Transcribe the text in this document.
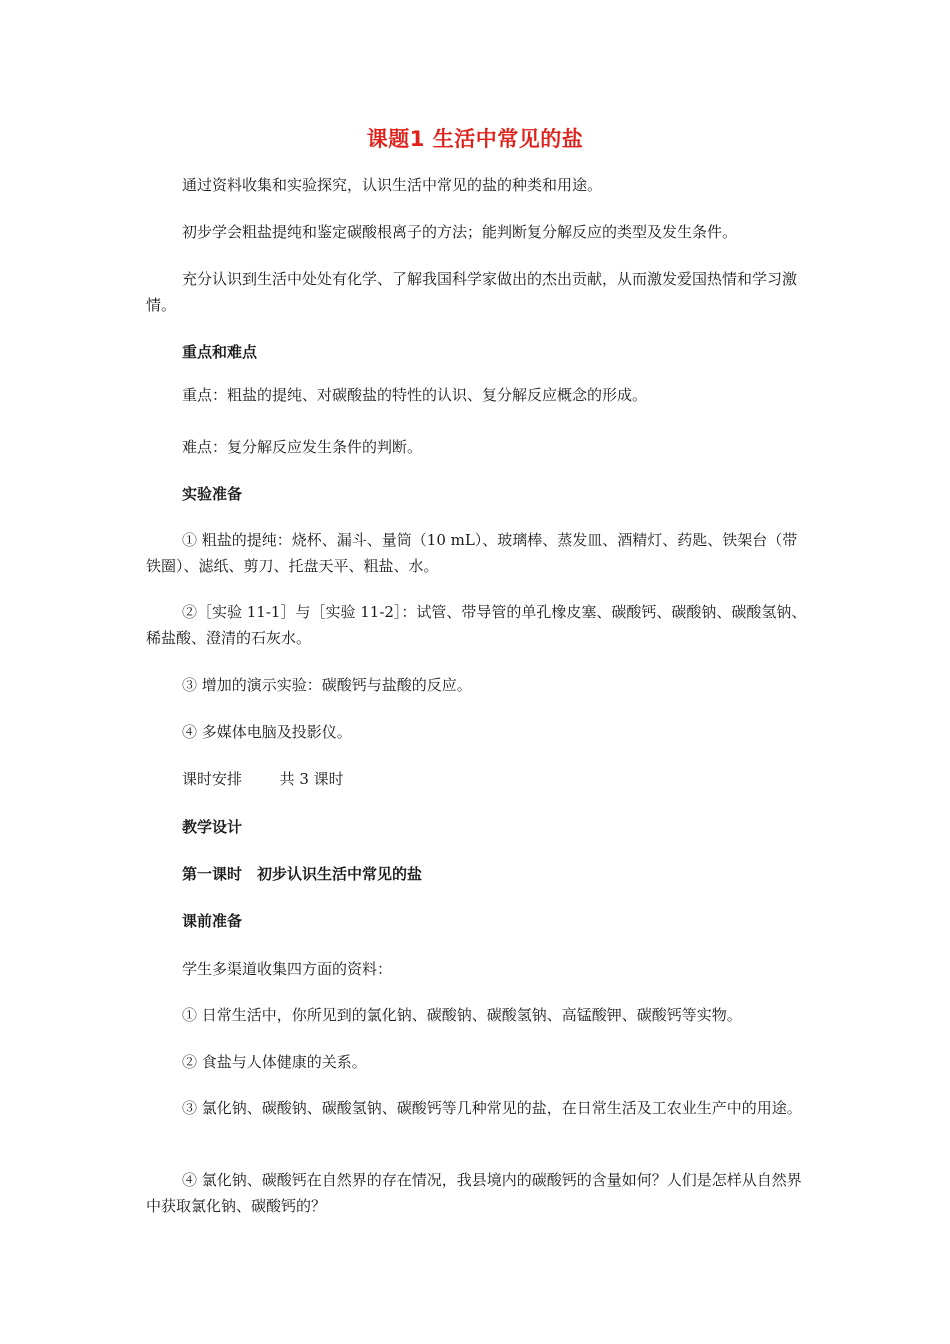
课题1 生活中常见的盐
通过资料收集和实验探究，认识生活中常见的盐的种类和用途。
初步学会粗盐提纯和鉴定碳酸根离子的方法；能判断复分解反应的类型及发生条件。
充分认识到生活中处处有化学、了解我国科学家做出的杰出贡献，从而激发爱国热情和学习激情。
重点和难点
重点：粗盐的提纯、对碳酸盐的特性的认识、复分解反应概念的形成。
难点：复分解反应发生条件的判断。
实验准备
① 粗盐的提纯：烧杯、漏斗、量筒（10 mL）、玻璃棒、蒸发皿、酒精灯、药匙、铁架台（带铁圈）、滤纸、剪刀、托盘天平、粗盐、水。
②［实验 11-1］与［实验 11-2］：试管、带导管的单孔橡皮塞、碳酸钙、碳酸钠、碳酸氢钠、稀盐酸、澄清的石灰水。
③ 增加的演示实验：碳酸钙与盐酸的反应。
④ 多媒体电脑及投影仪。
课时安排	共 3 课时
教学设计
第一课时　初步认识生活中常见的盐
课前准备
学生多渠道收集四方面的资料：
① 日常生活中，你所见到的氯化钠、碳酸钠、碳酸氢钠、高锰酸钾、碳酸钙等实物。
② 食盐与人体健康的关系。
③ 氯化钠、碳酸钠、碳酸氢钠、碳酸钙等几种常见的盐，在日常生活及工农业生产中的用途。
④ 氯化钠、碳酸钙在自然界的存在情况，我县境内的碳酸钙的含量如何？人们是怎样从自然界中获取氯化钠、碳酸钙的？
